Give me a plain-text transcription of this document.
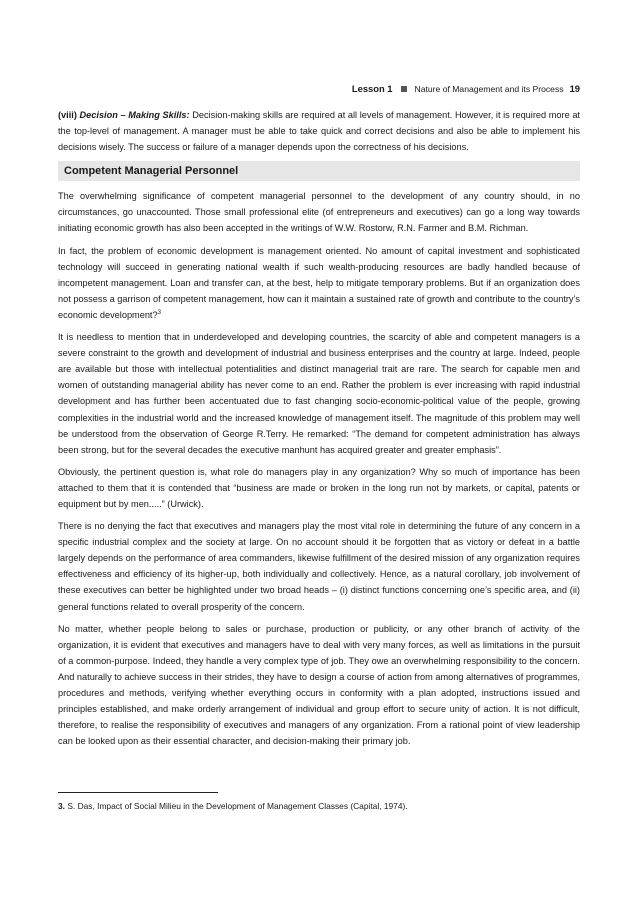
Lesson 1	Nature of Management and its Process 19

(viii) Decision – Making Skills: Decision-making skills are required at all levels of management. However, it is required more at the top-level of management. A manager must be able to take quick and correct decisions and also be able to implement his decisions wisely. The success or failure of a manager depends upon the correctness of his decisions.

Competent Managerial Personnel

The overwhelming significance of competent managerial personnel to the development of any country should, in no circumstances, go unaccounted. Those small professional elite (of entrepreneurs and executives) can go a long way towards initiating economic growth has also been accepted in the writings of W.W. Rostorw, R.N. Farmer and B.M. Richman.

In fact, the problem of economic development is management oriented. No amount of capital investment and sophisticated technology will succeed in generating national wealth if such wealth-producing resources are badly handled because of incompetent management. Loan and transfer can, at the best, help to mitigate temporary problems. But if an organization does not possess a garrison of competent management, how can it maintain a sustained rate of growth and contribute to the country’s economic development?$^3$

It is needless to mention that in underdeveloped and developing countries, the scarcity of able and competent managers is a severe constraint to the growth and development of industrial and business enterprises and the country at large. Indeed, people are available but those with intellectual potentialities and distinct managerial trait are rare. The search for capable men and women of outstanding managerial ability has never come to an end. Rather the problem is ever increasing with rapid industrial development and has further been accentuated due to fast changing socio-economic-political value of the people, growing complexities in the industrial world and the increased knowledge of management itself. The magnitude of this problem may well be understood from the observation of George R.Terry. He remarked: “The demand for competent administration has always been strong, but for the several decades the executive manhunt has acquired greater and greater emphasis”.

Obviously, the pertinent question is, what role do managers play in any organization? Why so much of importance has been attached to them that it is contended that “business are made or broken in the long run not by markets, or capital, patents or equipment but by men.....” (Urwick).

There is no denying the fact that executives and managers play the most vital role in determining the future of any concern in a specific industrial complex and the society at large. On no account should it be forgotten that as victory or defeat in a battle largely depends on the performance of area commanders, likewise fulfillment of the desired mission of any organization requires effectiveness and efficiency of its higher-up, both individually and collectively. Hence, as a natural corollary, job involvement of these executives can better be highlighted under two broad heads – (i) distinct functions concerning one’s specific area, and (ii) general functions related to overall prosperity of the concern.

No matter, whether people belong to sales or purchase, production or publicity, or any other branch of activity of the organization, it is evident that executives and managers have to deal with very many forces, as well as limitations in the pursuit of a common-purpose. Indeed, they handle a very complex type of job. They owe an overwhelming responsibility to the concern. And naturally to achieve success in their strides, they have to design a course of action from among alternatives of programmes, procedures and methods, verifying whether everything occurs in conformity with a plan adopted, instructions issued and principles established, and make orderly arrangement of individual and group effort to secure unity of action. It is not difficult, therefore, to realise the responsibility of executives and managers of any organization. From a rational point of view leadership can be looked upon as their essential character, and decision-making their primary job.

3. S. Das, Impact of Social Milieu in the Development of Management Classes (Capital, 1974).
